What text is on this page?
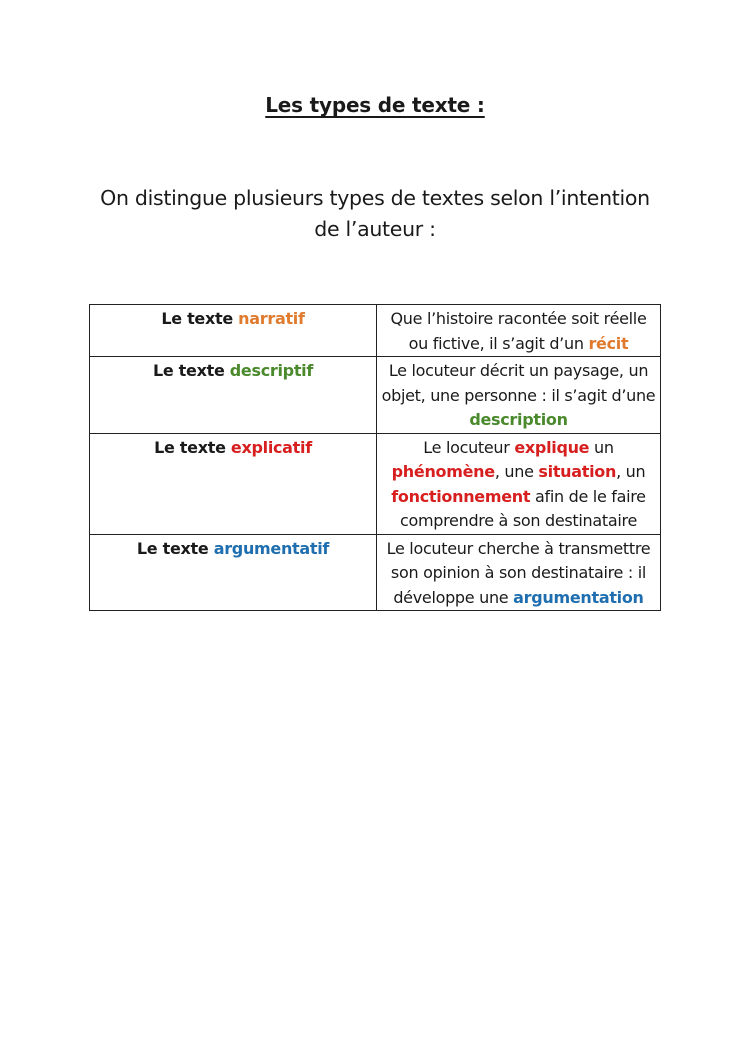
Les types de texte :
On distingue plusieurs types de textes selon l’intention
de l’auteur :
Le texte narratif	Que l’histoire racontée soit réelle ou fictive, il s’agit d’un récit
Le texte descriptif	Le locuteur décrit un paysage, un objet, une personne : il s’agit d’une description
Le texte explicatif	Le locuteur explique un phénomène, une situation, un fonctionnement afin de le faire comprendre à son destinataire
Le texte argumentatif	Le locuteur cherche à transmettre son opinion à son destinataire : il développe une argumentation
